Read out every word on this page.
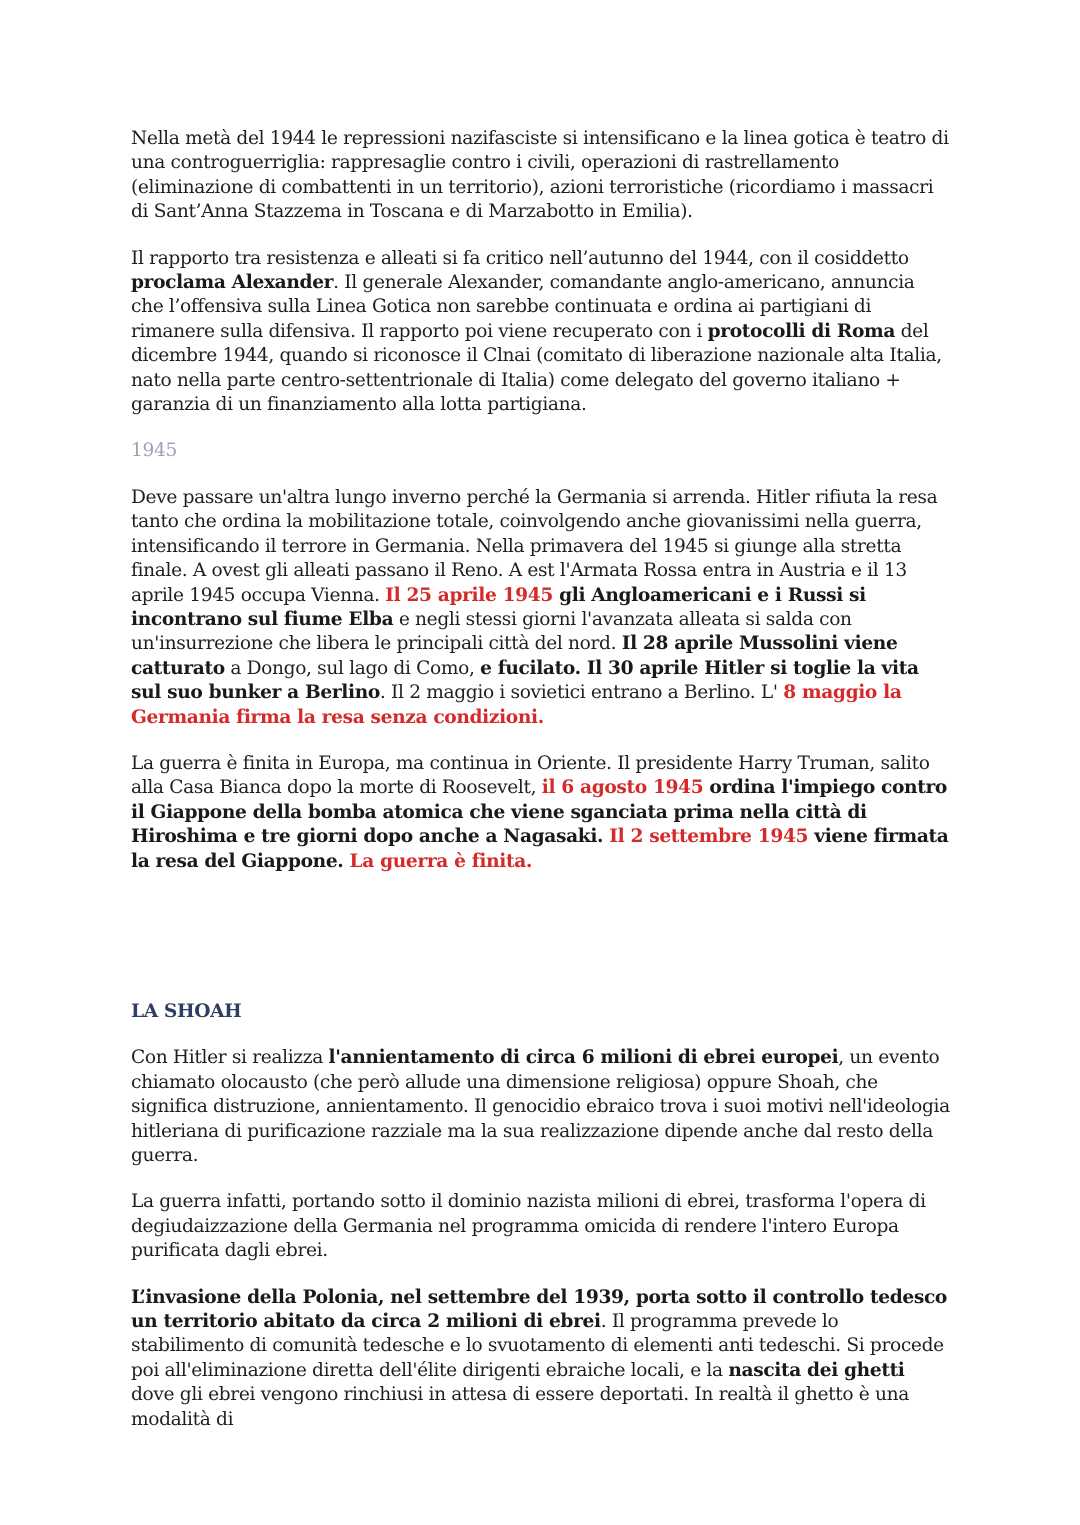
Nella metà del 1944 le repressioni nazifasciste si intensificano e la linea gotica è teatro di una controguerriglia: rappresaglie contro i civili, operazioni di rastrellamento (eliminazione di combattenti in un territorio), azioni terroristiche (ricordiamo i massacri di Sant’Anna Stazzema in Toscana e di Marzabotto in Emilia).

Il rapporto tra resistenza e alleati si fa critico nell’autunno del 1944, con il cosiddetto proclama Alexander. Il generale Alexander, comandante anglo-americano, annuncia che l’offensiva sulla Linea Gotica non sarebbe continuata e ordina ai partigiani di rimanere sulla difensiva. Il rapporto poi viene recuperato con i protocolli di Roma del dicembre 1944, quando si riconosce il Clnai (comitato di liberazione nazionale alta Italia, nato nella parte centro-settentrionale di Italia) come delegato del governo italiano + garanzia di un finanziamento alla lotta partigiana.

1945

Deve passare un'altra lungo inverno perché la Germania si arrenda. Hitler rifiuta la resa tanto che ordina la mobilitazione totale, coinvolgendo anche giovanissimi nella guerra, intensificando il terrore in Germania. Nella primavera del 1945 si giunge alla stretta finale. A ovest gli alleati passano il Reno. A est l'Armata Rossa entra in Austria e il 13 aprile 1945 occupa Vienna. Il 25 aprile 1945 gli Angloamericani e i Russi si incontrano sul fiume Elba e negli stessi giorni l'avanzata alleata si salda con un'insurrezione che libera le principali città del nord. Il 28 aprile Mussolini viene catturato a Dongo, sul lago di Como, e fucilato. Il 30 aprile Hitler si toglie la vita sul suo bunker a Berlino. Il 2 maggio i sovietici entrano a Berlino. L' 8 maggio la Germania firma la resa senza condizioni.

La guerra è finita in Europa, ma continua in Oriente. Il presidente Harry Truman, salito alla Casa Bianca dopo la morte di Roosevelt, il 6 agosto 1945 ordina l'impiego contro il Giappone della bomba atomica che viene sganciata prima nella città di Hiroshima e tre giorni dopo anche a Nagasaki. Il 2 settembre 1945 viene firmata la resa del Giappone. La guerra è finita.

LA SHOAH

Con Hitler si realizza l'annientamento di circa 6 milioni di ebrei europei, un evento chiamato olocausto (che però allude una dimensione religiosa) oppure Shoah, che significa distruzione, annientamento. Il genocidio ebraico trova i suoi motivi nell'ideologia hitleriana di purificazione razziale ma la sua realizzazione dipende anche dal resto della guerra.

La guerra infatti, portando sotto il dominio nazista milioni di ebrei, trasforma l'opera di degiudaizzazione della Germania nel programma omicida di rendere l'intero Europa purificata dagli ebrei.

L’invasione della Polonia, nel settembre del 1939, porta sotto il controllo tedesco un territorio abitato da circa 2 milioni di ebrei. Il programma prevede lo stabilimento di comunità tedesche e lo svuotamento di elementi anti tedeschi. Si procede poi all'eliminazione diretta dell'élite dirigenti ebraiche locali, e la nascita dei ghetti dove gli ebrei vengono rinchiusi in attesa di essere deportati. In realtà il ghetto è una modalità di
